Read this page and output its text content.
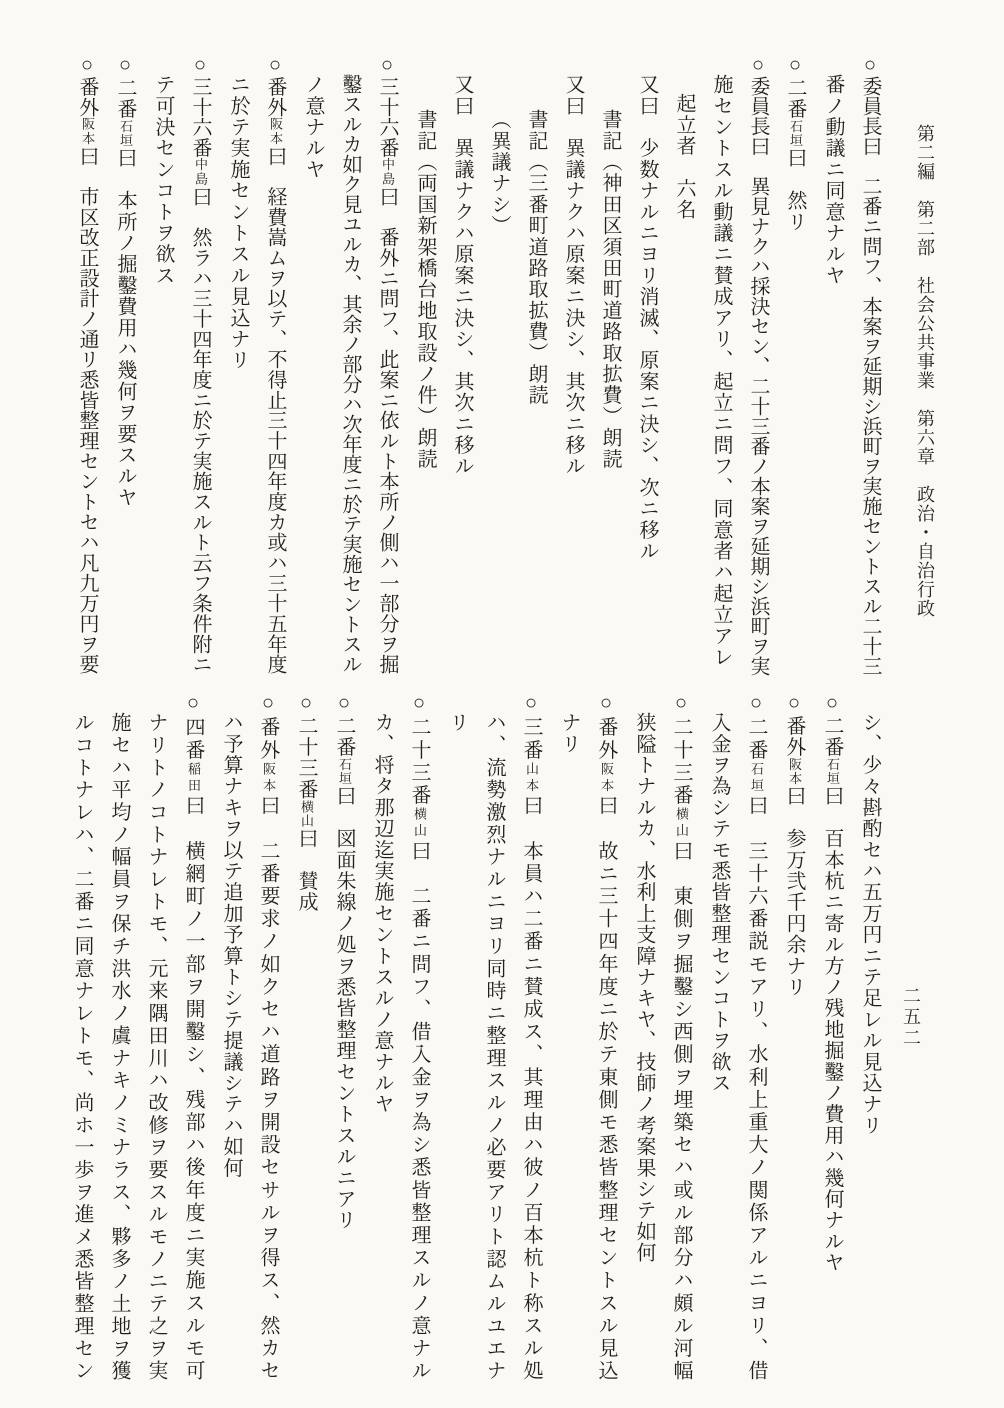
第二編　第二部　社会公共事業　第六章　政治・自治行政
二五二

○委員長曰　二番ニ問フ、本案ヲ延期シ浜町ヲ実施セントスル二十三

番ノ動議ニ同意ナルヤ

○二番石垣曰　然リ

○委員長曰　異見ナクハ採決セン、二十三番ノ本案ヲ延期シ浜町ヲ実

施セントスル動議ニ賛成アリ、起立ニ問フ、同意者ハ起立アレ

起立者　六名

又曰　少数ナルニヨリ消滅、原案ニ決シ、次ニ移ル

書記（神田区須田町道路取拡費）朗読

又曰　異議ナクハ原案ニ決シ、其次ニ移ル

書記（三番町道路取拡費）朗読

（異議ナシ）

又曰　異議ナクハ原案ニ決シ、其次ニ移ル

書記（両国新架橋台地取設ノ件）朗読

○三十六番中島曰　番外ニ問フ、此案ニ依ルト本所ノ側ハ一部分ヲ掘

鑿スルカ如ク見ユルカ、其余ノ部分ハ次年度ニ於テ実施セントスル

ノ意ナルヤ

○番外阪本曰　経費嵩ムヲ以テ、不得止三十四年度カ或ハ三十五年度

ニ於テ実施セントスル見込ナリ

○三十六番中島曰　然ラハ三十四年度ニ於テ実施スルト云フ条件附ニ

テ可決センコトヲ欲ス

○二番石垣曰　本所ノ掘鑿費用ハ幾何ヲ要スルヤ

○番外阪本曰　市区改正設計ノ通リ悉皆整理セントセハ凡九万円ヲ要

シ、少々斟酌セハ五万円ニテ足レル見込ナリ

○二番石垣曰　百本杭ニ寄ル方ノ残地掘鑿ノ費用ハ幾何ナルヤ

○番外阪本曰　参万弐千円余ナリ

○二番石垣曰　三十六番説モアリ、水利上重大ノ関係アルニヨリ、借

入金ヲ為シテモ悉皆整理センコトヲ欲ス

○二十三番横山曰　東側ヲ掘鑿シ西側ヲ埋築セハ或ル部分ハ頗ル河幅

狭隘トナルカ、水利上支障ナキヤ、技師ノ考案果シテ如何

○番外阪本曰　故ニ三十四年度ニ於テ東側モ悉皆整理セントスル見込

ナリ

○三番山本曰　本員ハ二番ニ賛成ス、其理由ハ彼ノ百本杭ト称スル処

ハ、流勢激烈ナルニヨリ同時ニ整理スルノ必要アリト認ムルユエナ

リ

○二十三番横山曰　二番ニ問フ、借入金ヲ為シ悉皆整理スルノ意ナル

カ、将タ那辺迄実施セントスルノ意ナルヤ

○二番石垣曰　図面朱線ノ処ヲ悉皆整理セントスルニアリ

○二十三番横山曰　賛成

○番外阪本曰　二番要求ノ如クセハ道路ヲ開設セサルヲ得ス、然カセ

ハ予算ナキヲ以テ追加予算トシテ提議シテハ如何

○四番稲田曰　横網町ノ一部ヲ開鑿シ、残部ハ後年度ニ実施スルモ可

ナリトノコトナレトモ、元来隅田川ハ改修ヲ要スルモノニテ之ヲ実

施セハ平均ノ幅員ヲ保チ洪水ノ虞ナキノミナラス、夥多ノ土地ヲ獲

ルコトナレハ、二番ニ同意ナレトモ、尚ホ一歩ヲ進メ悉皆整理セン
